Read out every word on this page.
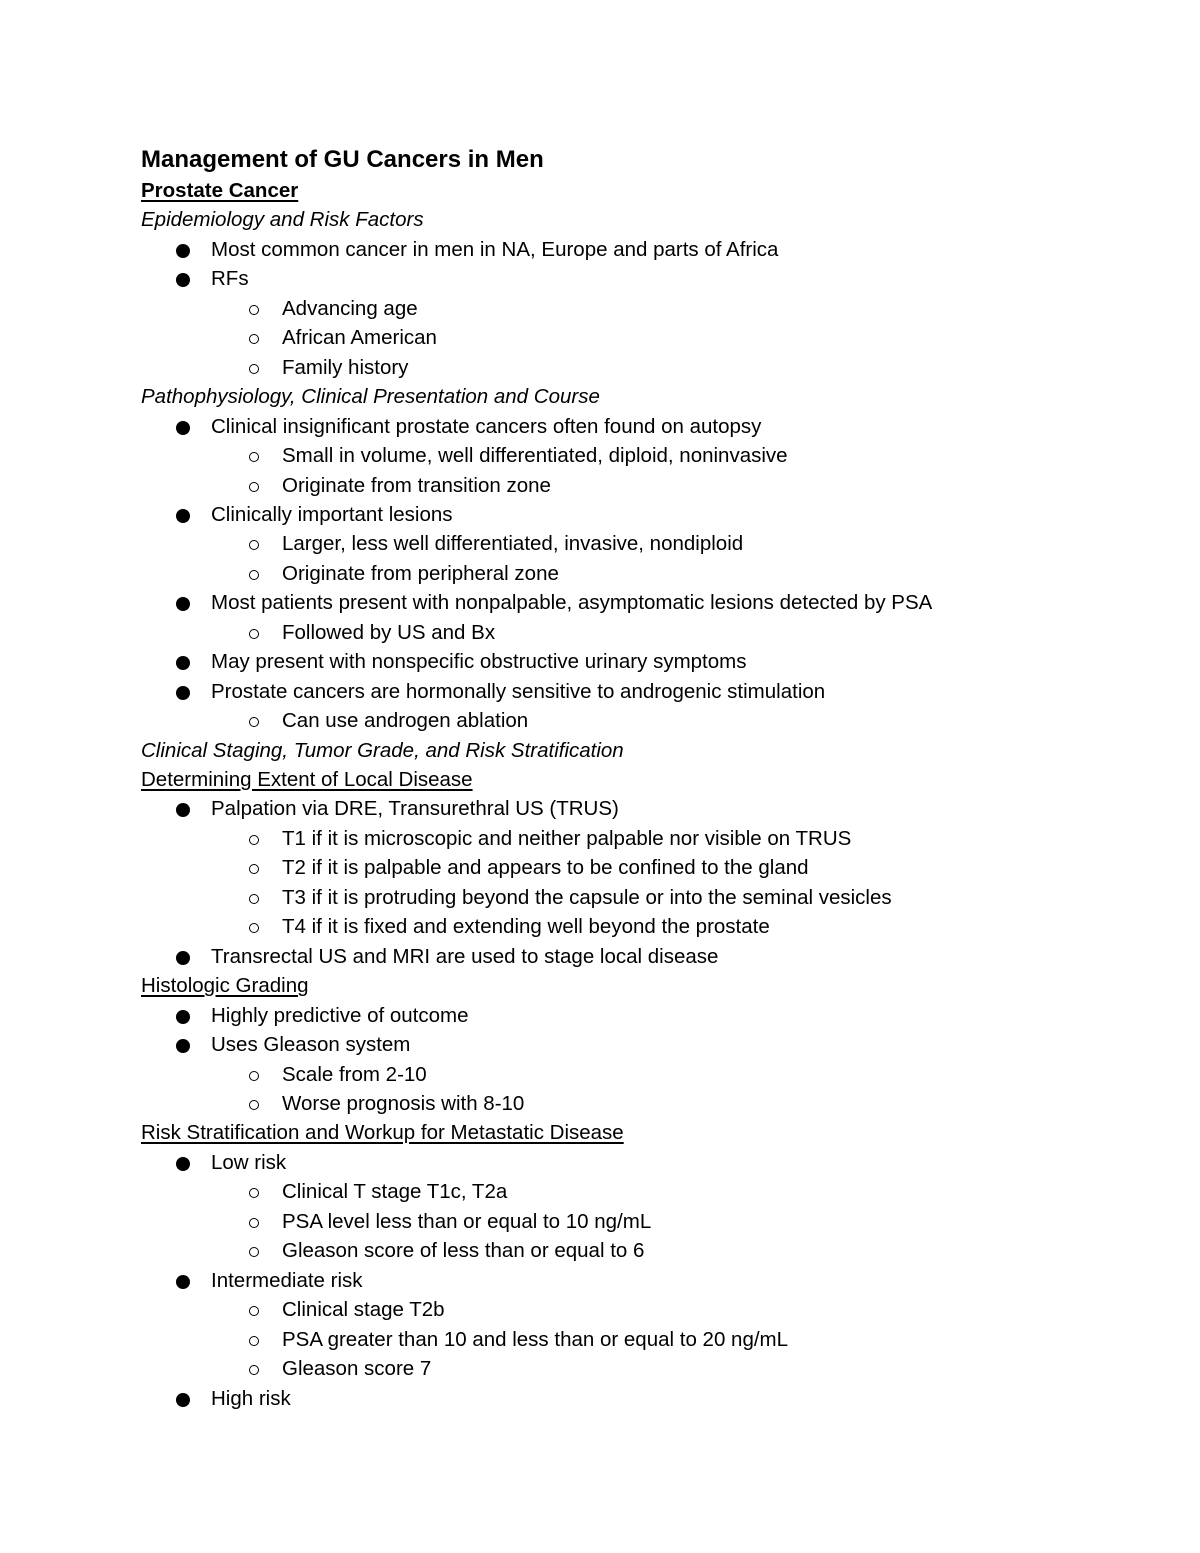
Management of GU Cancers in Men
Prostate Cancer
Epidemiology and Risk Factors
Most common cancer in men in NA, Europe and parts of Africa
RFs
Advancing age
African American
Family history
Pathophysiology, Clinical Presentation and Course
Clinical insignificant prostate cancers often found on autopsy
Small in volume, well differentiated, diploid, noninvasive
Originate from transition zone
Clinically important lesions
Larger, less well differentiated, invasive, nondiploid
Originate from peripheral zone
Most patients present with nonpalpable, asymptomatic lesions detected by PSA
Followed by US and Bx
May present with nonspecific obstructive urinary symptoms
Prostate cancers are hormonally sensitive to androgenic stimulation
Can use androgen ablation
Clinical Staging, Tumor Grade, and Risk Stratification
Determining Extent of Local Disease
Palpation via DRE, Transurethral US (TRUS)
T1 if it is microscopic and neither palpable nor visible on TRUS
T2 if it is palpable and appears to be confined to the gland
T3 if it is protruding beyond the capsule or into the seminal vesicles
T4 if it is fixed and extending well beyond the prostate
Transrectal US and MRI are used to stage local disease
Histologic Grading
Highly predictive of outcome
Uses Gleason system
Scale from 2-10
Worse prognosis with 8-10
Risk Stratification and Workup for Metastatic Disease
Low risk
Clinical T stage T1c, T2a
PSA level less than or equal to 10 ng/mL
Gleason score of less than or equal to 6
Intermediate risk
Clinical stage T2b
PSA greater than 10 and less than or equal to 20 ng/mL
Gleason score 7
High risk
